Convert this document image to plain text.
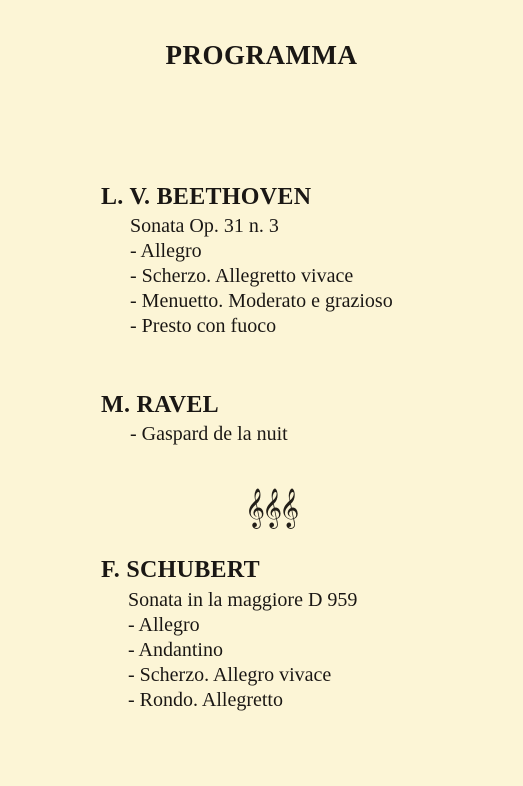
PROGRAMMA
L. V. BEETHOVEN
Sonata Op. 31 n. 3
- Allegro
- Scherzo. Allegretto vivace
- Menuetto. Moderato e grazioso
- Presto con fuoco
M. RAVEL
- Gaspard de la nuit
𝄞𝄞𝄞
F. SCHUBERT
Sonata in la maggiore D 959
- Allegro
- Andantino
- Scherzo. Allegro vivace
- Rondo. Allegretto
